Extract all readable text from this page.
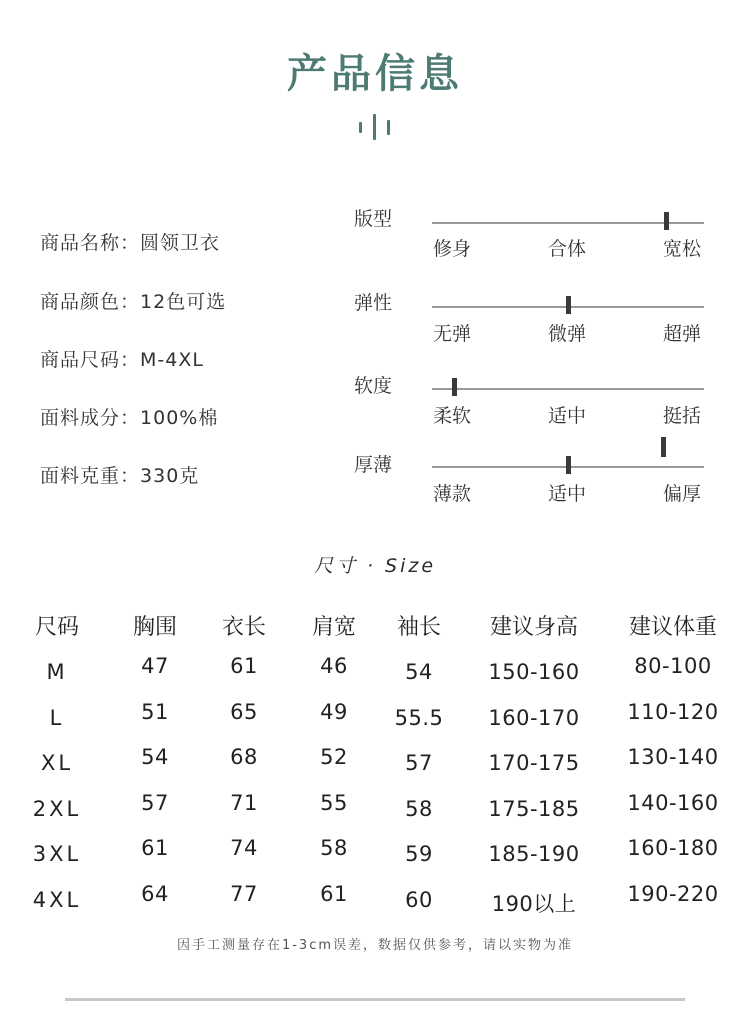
产品信息
商品名称：圆领卫衣
商品颜色：12色可选
商品尺码：M-4XL
面料成分：100%棉
面料克重：330克
版型
修身	合体	宽松
弹性
无弹	微弹	超弹
软度
柔软	适中	挺括
厚薄
薄款	适中	偏厚
尺寸 · Size
尺码	胸围	衣长	肩宽	袖长	建议身高	建议体重
M	47	61	46	54	150-160	80-100
L	51	65	49	55.5	160-170	110-120
XL	54	68	52	57	170-175	130-140
2XL	57	71	55	58	175-185	140-160
3XL	61	74	58	59	185-190	160-180
4XL	64	77	61	60	190以上	190-220
因手工测量存在1-3cm误差，数据仅供参考，请以实物为准
